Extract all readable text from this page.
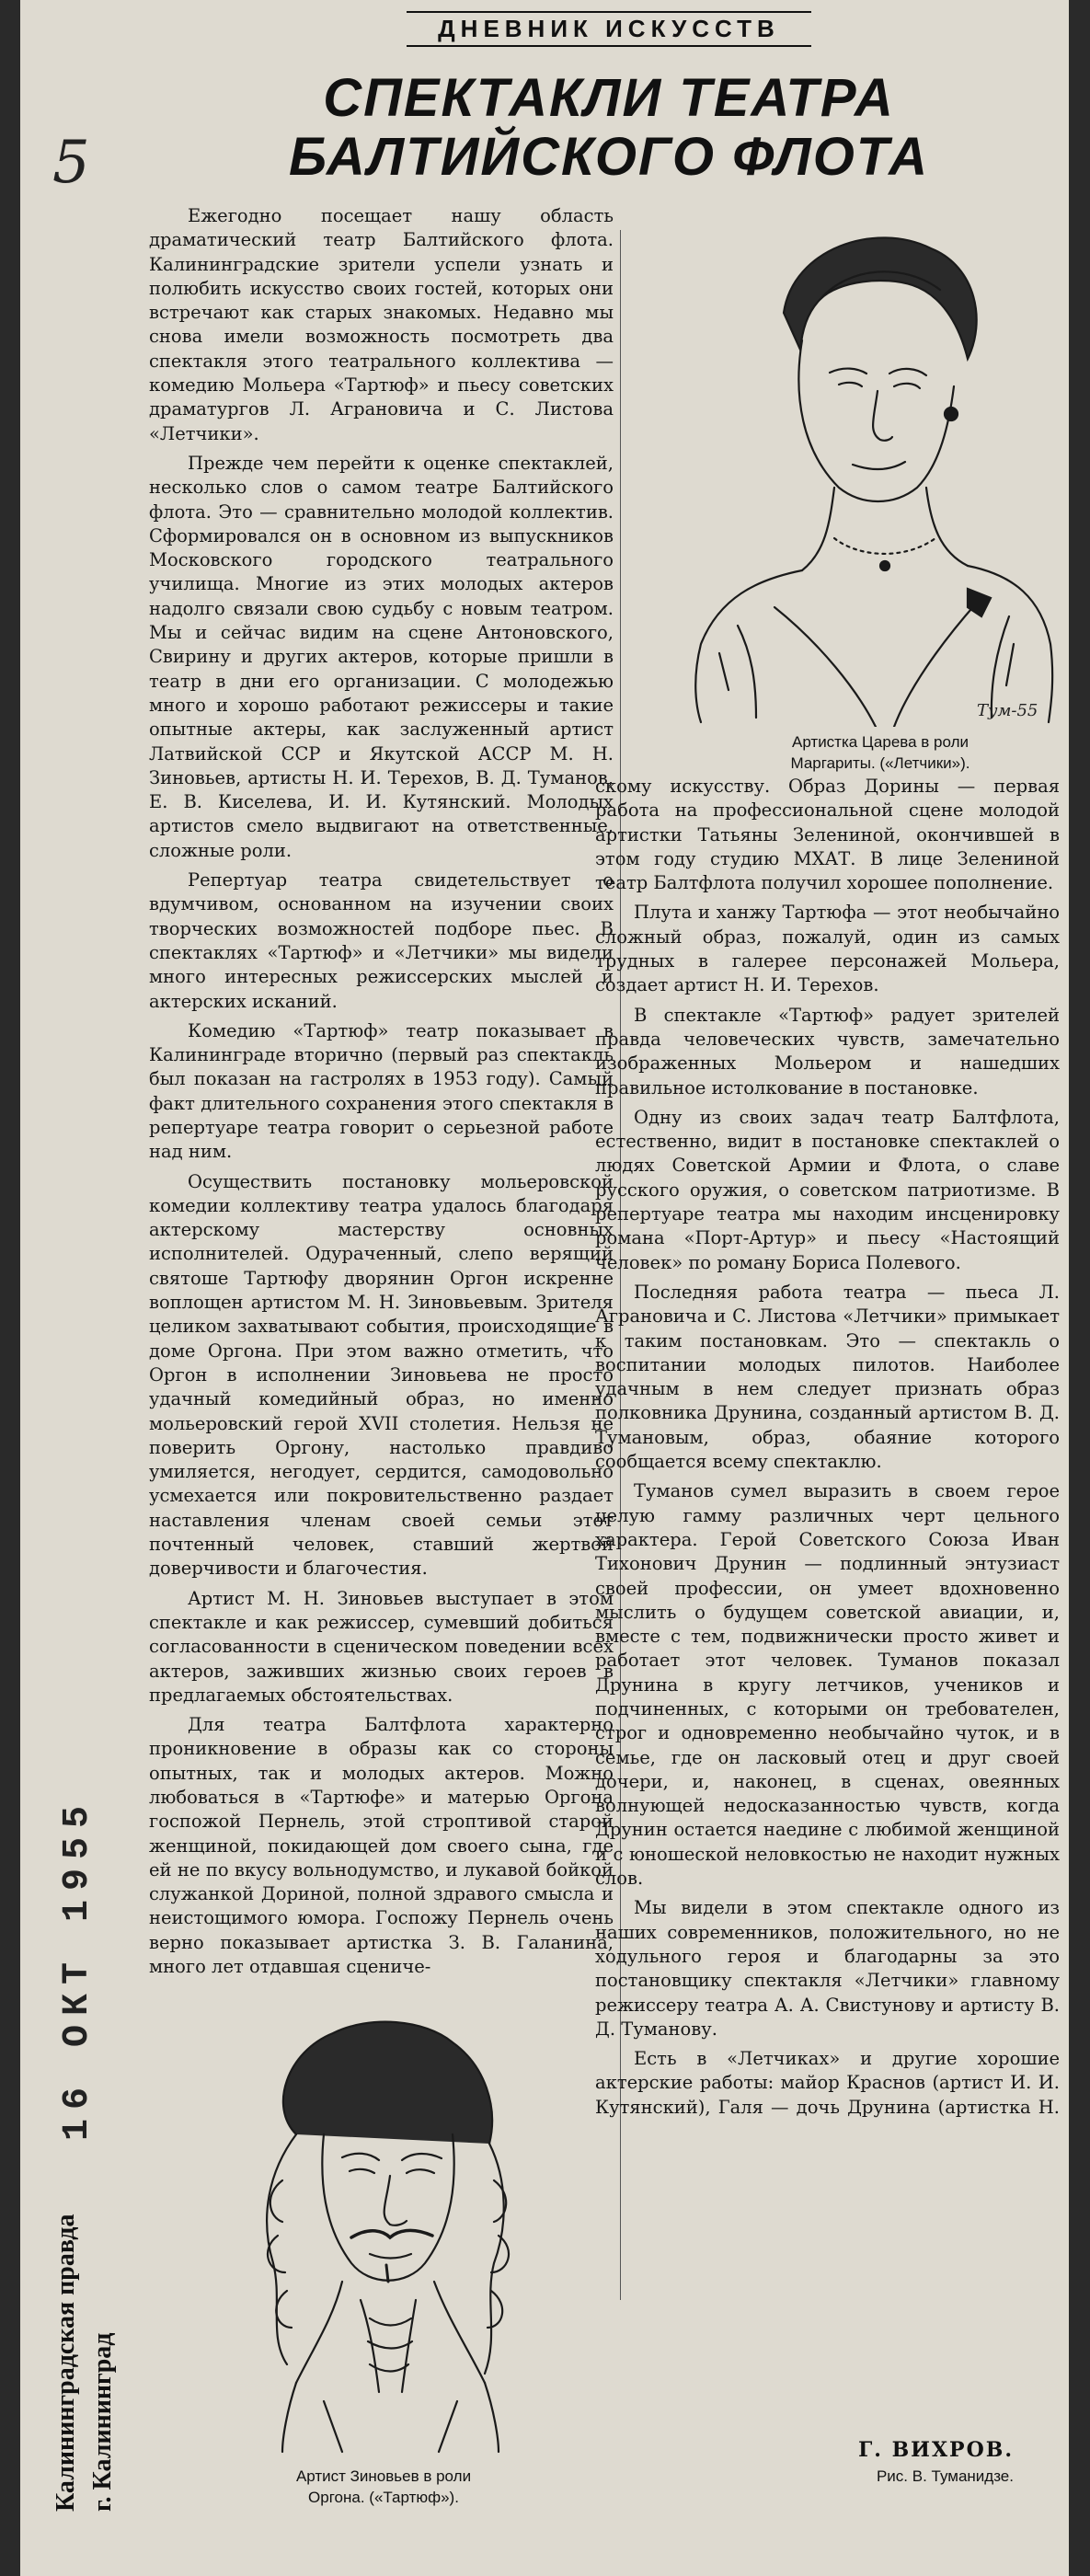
5
ДНЕВНИК ИСКУССТВ
СПЕКТАКЛИ ТЕАТРА
БАЛТИЙСКОГО ФЛОТА
Тум-55
Артистка Царева в роли
Маргариты. («Летчики»).

Ежегодно посещает нашу область драматический театр Балтийского флота. Калининградские зрители успели узнать и полюбить искусство своих гостей, которых они встречают как старых знакомых. Недавно мы снова имели возможность посмотреть два спектакля этого театрального коллектива — комедию Мольера «Тартюф» и пьесу советских драматургов Л. Аграновича и С. Листова «Летчики».

Прежде чем перейти к оценке спектаклей, несколько слов о самом театре Балтийского флота. Это — сравнительно молодой коллектив. Сформировался он в основном из выпускников Московского городского театрального училища. Многие из этих молодых актеров надолго связали свою судьбу с новым театром. Мы и сейчас видим на сцене Антоновского, Свирину и других актеров, которые пришли в театр в дни его организации. С молодежью много и хорошо работают режиссеры и такие опытные актеры, как заслуженный артист Латвийской ССР и Якутской АССР М. Н. Зиновьев, артисты Н. И. Терехов, В. Д. Туманов, Е. В. Киселева, И. И. Кутянский. Молодых артистов смело выдвигают на ответственные, сложные роли.

Репертуар театра свидетельствует о вдумчивом, основанном на изучении своих творческих возможностей подборе пьес. В спектаклях «Тартюф» и «Летчики» мы видели много интересных режиссерских мыслей и актерских исканий.

Комедию «Тартюф» театр показывает в Калининграде вторично (первый раз спектакль был показан на гастролях в 1953 году). Самый факт длительного сохранения этого спектакля в репертуаре театра говорит о серьезной работе над ним.

Осуществить постановку мольеровской комедии коллективу театра удалось благодаря актерскому мастерству основных исполнителей. Одураченный, слепо верящий святоше Тартюфу дворянин Оргон искренне воплощен артистом М. Н. Зиновьевым. Зрителя целиком захватывают события, происходящие в доме Оргона. При этом важно отметить, что Оргон в исполнении Зиновьева не просто удачный комедийный образ, но именно мольеровский герой XVII столетия. Нельзя не поверить Оргону, настолько правдиво умиляется, негодует, сердится, самодовольно усмехается или покровительственно раздает наставления членам своей семьи этот почтенный человек, ставший жертвой доверчивости и благочестия.

Артист М. Н. Зиновьев выступает в этом спектакле и как режиссер, сумевший добиться согласованности в сценическом поведении всех актеров, заживших жизнью своих героев в предлагаемых обстоятельствах.

Для театра Балтфлота характерно проникновение в образы как со стороны опытных, так и молодых актеров. Можно любоваться в «Тартюфе» и матерью Оргона госпожой Пернель, этой строптивой старой женщиной, покидающей дом своего сына, где ей не по вкусу вольнодумство, и лукавой бойкой служанкой Дориной, полной здравого смысла и неистощимого юмора. Госпожу Пернель очень верно показывает артистка З. В. Галанина, много лет отдавшая сцениче-

скому искусству. Образ Дорины — первая работа на профессиональной сцене молодой артистки Татьяны Зелениной, окончившей в этом году студию МХАТ. В лице Зелениной театр Балтфлота получил хорошее пополнение.

Плута и ханжу Тартюфа — этот необычайно сложный образ, пожалуй, один из самых трудных в галерее персонажей Мольера, создает артист Н. И. Терехов.

В спектакле «Тартюф» радует зрителей правда человеческих чувств, замечательно изображенных Мольером и нашедших правильное истолкование в постановке.

Одну из своих задач театр Балтфлота, естественно, видит в постановке спектаклей о людях Советской Армии и Флота, о славе русского оружия, о советском патриотизме. В репертуаре театра мы находим инсценировку романа «Порт-Артур» и пьесу «Настоящий человек» по роману Бориса Полевого.

Последняя работа театра — пьеса Л. Аграновича и С. Листова «Летчики» примыкает к таким постановкам. Это — спектакль о воспитании молодых пилотов. Наиболее удачным в нем следует признать образ полковника Друнина, созданный артистом В. Д. Тумановым, образ, обаяние которого сообщается всему спектаклю.

Туманов сумел выразить в своем герое целую гамму различных черт цельного характера. Герой Советского Союза Иван Тихонович Друнин — подлинный энтузиаст своей профессии, он умеет вдохновенно мыслить о будущем советской авиации, и, вместе с тем, подвижнически просто живет и работает этот человек. Туманов показал Друнина в кругу летчиков, учеников и подчиненных, с которыми он требователен, строг и одновременно необычайно чуток, и в семье, где он ласковый отец и друг своей дочери, и, наконец, в сценах, овеянных волнующей недосказанностью чувств, когда Друнин остается наедине с любимой женщиной и с юношеской неловкостью не находит нужных слов.

Мы видели в этом спектакле одного из наших современников, положительного, но не ходульного героя и благодарны за это постановщику спектакля «Летчики» главному режиссеру театра А. А. Свистунову и артисту В. Д. Туманову.

Есть в «Летчиках» и другие хорошие актерские работы: майор Краснов (артист И. И. Кутянский), Галя — дочь Друнина (артистка Н.

Г. ВИХРОВ.
Рис. В. Туманидзе.
Артист Зиновьев в роли
Оргона. («Тартюф»).
16 ОКТ 1955
Калининградская правда г. Калининград
